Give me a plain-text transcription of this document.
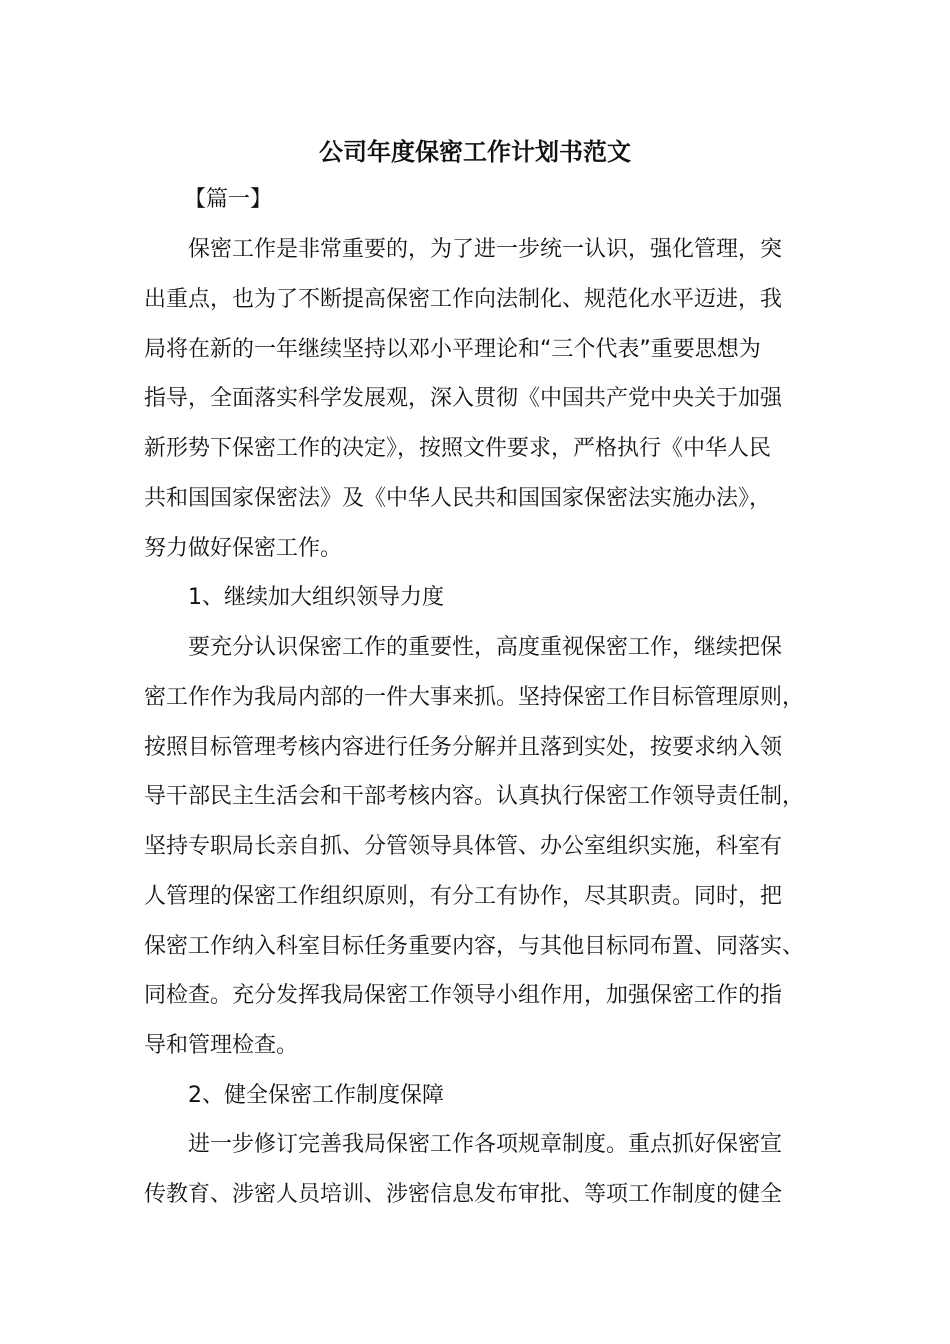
公司年度保密工作计划书范文

【篇一】

保密工作是非常重要的，为了进一步统一认识，强化管理，突

出重点，也为了不断提高保密工作向法制化、规范化水平迈进，我

局将在新的一年继续坚持以邓小平理论和“三个代表”重要思想为

指导，全面落实科学发展观，深入贯彻《中国共产党中央关于加强

新形势下保密工作的决定》，按照文件要求，严格执行《中华人民

共和国国家保密法》及《中华人民共和国国家保密法实施办法》，

努力做好保密工作。

1、继续加大组织领导力度

要充分认识保密工作的重要性，高度重视保密工作，继续把保

密工作作为我局内部的一件大事来抓。坚持保密工作目标管理原则，

按照目标管理考核内容进行任务分解并且落到实处，按要求纳入领

导干部民主生活会和干部考核内容。认真执行保密工作领导责任制，

坚持专职局长亲自抓、分管领导具体管、办公室组织实施，科室有

人管理的保密工作组织原则，有分工有协作，尽其职责。同时，把

保密工作纳入科室目标任务重要内容，与其他目标同布置、同落实、

同检查。充分发挥我局保密工作领导小组作用，加强保密工作的指

导和管理检查。

2、健全保密工作制度保障

进一步修订完善我局保密工作各项规章制度。重点抓好保密宣

传教育、涉密人员培训、涉密信息发布审批、等项工作制度的健全
